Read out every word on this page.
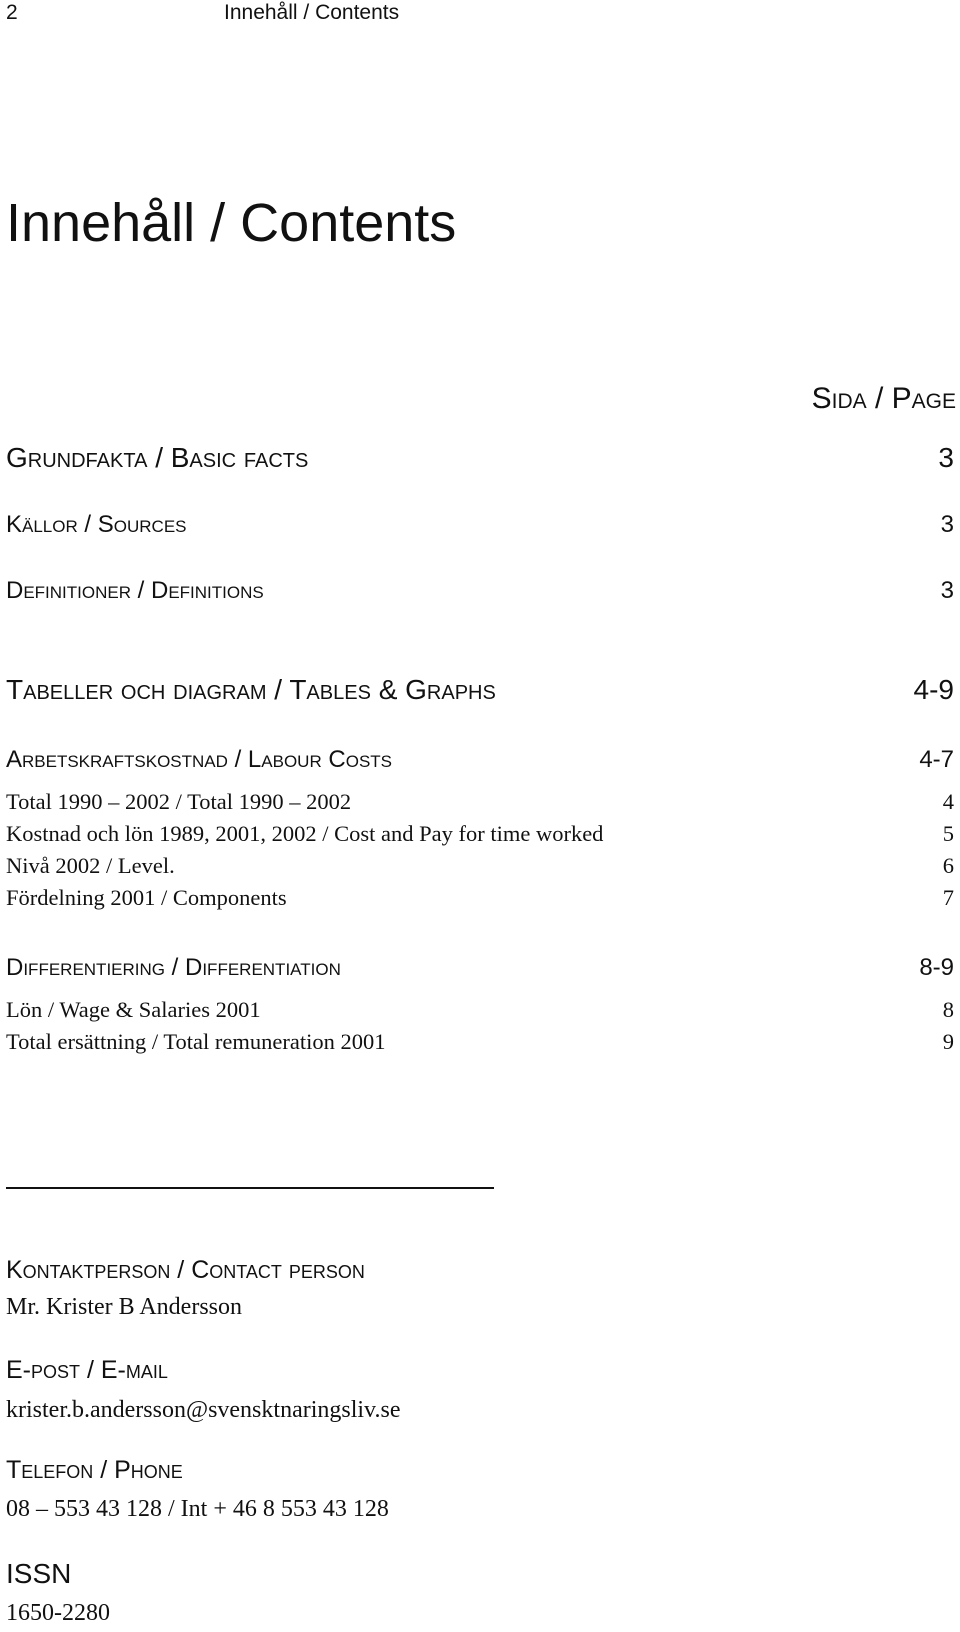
2	Innehåll / Contents
Innehåll / Contents
Sida / Page
Grundfakta / Basic facts	3
Källor / Sources	3
Definitioner / Definitions	3
Tabeller och diagram / Tables & Graphs	4-9
Arbetskraftskostnad / Labour Costs	4-7
Total 1990 – 2002 / Total 1990 – 2002	4
Kostnad och lön 1989, 2001, 2002 / Cost and Pay for time worked	5
Nivå 2002 / Level.	6
Fördelning 2001 / Components	7
Differentiering / Differentiation	8-9
Lön / Wage & Salaries 2001	8
Total ersättning / Total remuneration 2001	9
Kontaktperson / Contact person
Mr. Krister B Andersson
E-post / E-mail
krister.b.andersson@svensktnaringsliv.se
Telefon / Phone
08 – 553 43 128 / Int + 46 8 553 43 128
ISSN
1650-2280
